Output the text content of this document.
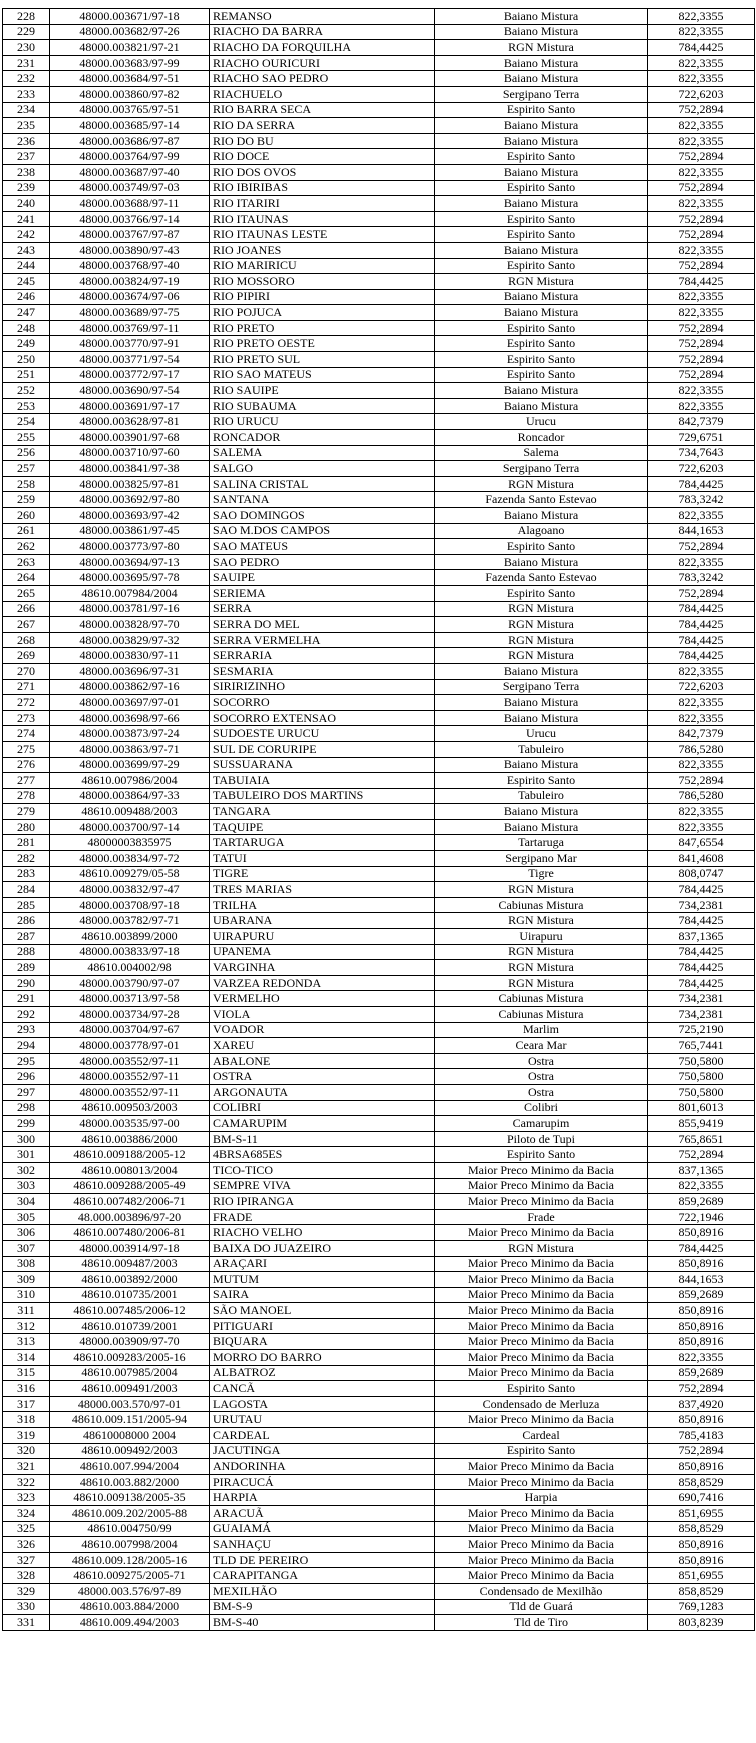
228	48000.003671/97-18	REMANSO	Baiano Mistura	822,3355
229	48000.003682/97-26	RIACHO DA BARRA	Baiano Mistura	822,3355
230	48000.003821/97-21	RIACHO DA FORQUILHA	RGN Mistura	784,4425
231	48000.003683/97-99	RIACHO OURICURI	Baiano Mistura	822,3355
232	48000.003684/97-51	RIACHO SAO PEDRO	Baiano Mistura	822,3355
233	48000.003860/97-82	RIACHUELO	Sergipano Terra	722,6203
234	48000.003765/97-51	RIO BARRA SECA	Espirito Santo	752,2894
235	48000.003685/97-14	RIO DA SERRA	Baiano Mistura	822,3355
236	48000.003686/97-87	RIO DO BU	Baiano Mistura	822,3355
237	48000.003764/97-99	RIO DOCE	Espirito Santo	752,2894
238	48000.003687/97-40	RIO DOS OVOS	Baiano Mistura	822,3355
239	48000.003749/97-03	RIO IBIRIBAS	Espirito Santo	752,2894
240	48000.003688/97-11	RIO ITARIRI	Baiano Mistura	822,3355
241	48000.003766/97-14	RIO ITAUNAS	Espirito Santo	752,2894
242	48000.003767/97-87	RIO ITAUNAS LESTE	Espirito Santo	752,2894
243	48000.003890/97-43	RIO JOANES	Baiano Mistura	822,3355
244	48000.003768/97-40	RIO MARIRICU	Espirito Santo	752,2894
245	48000.003824/97-19	RIO MOSSORO	RGN Mistura	784,4425
246	48000.003674/97-06	RIO PIPIRI	Baiano Mistura	822,3355
247	48000.003689/97-75	RIO POJUCA	Baiano Mistura	822,3355
248	48000.003769/97-11	RIO PRETO	Espirito Santo	752,2894
249	48000.003770/97-91	RIO PRETO OESTE	Espirito Santo	752,2894
250	48000.003771/97-54	RIO PRETO SUL	Espirito Santo	752,2894
251	48000.003772/97-17	RIO SAO MATEUS	Espirito Santo	752,2894
252	48000.003690/97-54	RIO SAUIPE	Baiano Mistura	822,3355
253	48000.003691/97-17	RIO SUBAUMA	Baiano Mistura	822,3355
254	48000.003628/97-81	RIO URUCU	Urucu	842,7379
255	48000.003901/97-68	RONCADOR	Roncador	729,6751
256	48000.003710/97-60	SALEMA	Salema	734,7643
257	48000.003841/97-38	SALGO	Sergipano Terra	722,6203
258	48000.003825/97-81	SALINA CRISTAL	RGN Mistura	784,4425
259	48000.003692/97-80	SANTANA	Fazenda Santo Estevao	783,3242
260	48000.003693/97-42	SAO DOMINGOS	Baiano Mistura	822,3355
261	48000.003861/97-45	SAO M.DOS CAMPOS	Alagoano	844,1653
262	48000.003773/97-80	SAO MATEUS	Espirito Santo	752,2894
263	48000.003694/97-13	SAO PEDRO	Baiano Mistura	822,3355
264	48000.003695/97-78	SAUIPE	Fazenda Santo Estevao	783,3242
265	48610.007984/2004	SERIEMA	Espirito Santo	752,2894
266	48000.003781/97-16	SERRA	RGN Mistura	784,4425
267	48000.003828/97-70	SERRA DO MEL	RGN Mistura	784,4425
268	48000.003829/97-32	SERRA VERMELHA	RGN Mistura	784,4425
269	48000.003830/97-11	SERRARIA	RGN Mistura	784,4425
270	48000.003696/97-31	SESMARIA	Baiano Mistura	822,3355
271	48000.003862/97-16	SIRIRIZINHO	Sergipano Terra	722,6203
272	48000.003697/97-01	SOCORRO	Baiano Mistura	822,3355
273	48000.003698/97-66	SOCORRO EXTENSAO	Baiano Mistura	822,3355
274	48000.003873/97-24	SUDOESTE URUCU	Urucu	842,7379
275	48000.003863/97-71	SUL DE CORURIPE	Tabuleiro	786,5280
276	48000.003699/97-29	SUSSUARANA	Baiano Mistura	822,3355
277	48610.007986/2004	TABUIAIA	Espirito Santo	752,2894
278	48000.003864/97-33	TABULEIRO DOS MARTINS	Tabuleiro	786,5280
279	48610.009488/2003	TANGARA	Baiano Mistura	822,3355
280	48000.003700/97-14	TAQUIPE	Baiano Mistura	822,3355
281	48000003835975	TARTARUGA	Tartaruga	847,6554
282	48000.003834/97-72	TATUI	Sergipano Mar	841,4608
283	48610.009279/05-58	TIGRE	Tigre	808,0747
284	48000.003832/97-47	TRES MARIAS	RGN Mistura	784,4425
285	48000.003708/97-18	TRILHA	Cabiunas Mistura	734,2381
286	48000.003782/97-71	UBARANA	RGN Mistura	784,4425
287	48610.003899/2000	UIRAPURU	Uirapuru	837,1365
288	48000.003833/97-18	UPANEMA	RGN Mistura	784,4425
289	48610.004002/98	VARGINHA	RGN Mistura	784,4425
290	48000.003790/97-07	VARZEA REDONDA	RGN Mistura	784,4425
291	48000.003713/97-58	VERMELHO	Cabiunas Mistura	734,2381
292	48000.003734/97-28	VIOLA	Cabiunas Mistura	734,2381
293	48000.003704/97-67	VOADOR	Marlim	725,2190
294	48000.003778/97-01	XAREU	Ceara Mar	765,7441
295	48000.003552/97-11	ABALONE	Ostra	750,5800
296	48000.003552/97-11	OSTRA	Ostra	750,5800
297	48000.003552/97-11	ARGONAUTA	Ostra	750,5800
298	48610.009503/2003	COLIBRI	Colibri	801,6013
299	48000.003535/97-00	CAMARUPIM	Camarupim	855,9419
300	48610.003886/2000	BM-S-11	Piloto de Tupi	765,8651
301	48610.009188/2005-12	4BRSA685ES	Espirito Santo	752,2894
302	48610.008013/2004	TICO-TICO	Maior Preco Minimo da Bacia	837,1365
303	48610.009288/2005-49	SEMPRE VIVA	Maior Preco Minimo da Bacia	822,3355
304	48610.007482/2006-71	RIO IPIRANGA	Maior Preco Minimo da Bacia	859,2689
305	48.000.003896/97-20	FRADE	Frade	722,1946
306	48610.007480/2006-81	RIACHO VELHO	Maior Preco Minimo da Bacia	850,8916
307	48000.003914/97-18	BAIXA DO JUAZEIRO	RGN Mistura	784,4425
308	48610.009487/2003	ARAÇARI	Maior Preco Minimo da Bacia	850,8916
309	48610.003892/2000	MUTUM	Maior Preco Minimo da Bacia	844,1653
310	48610.010735/2001	SAIRA	Maior Preco Minimo da Bacia	859,2689
311	48610.007485/2006-12	SÃO MANOEL	Maior Preco Minimo da Bacia	850,8916
312	48610.010739/2001	PITIGUARI	Maior Preco Minimo da Bacia	850,8916
313	48000.003909/97-70	BIQUARA	Maior Preco Minimo da Bacia	850,8916
314	48610.009283/2005-16	MORRO DO BARRO	Maior Preco Minimo da Bacia	822,3355
315	48610.007985/2004	ALBATROZ	Maior Preco Minimo da Bacia	859,2689
316	48610.009491/2003	CANCÃ	Espirito Santo	752,2894
317	48000.003.570/97-01	LAGOSTA	Condensado de Merluza	837,4920
318	48610.009.151/2005-94	URUTAU	Maior Preco Minimo da Bacia	850,8916
319	48610008000 2004	CARDEAL	Cardeal	785,4183
320	48610.009492/2003	JACUTINGA	Espirito Santo	752,2894
321	48610.007.994/2004	ANDORINHA	Maior Preco Minimo da Bacia	850,8916
322	48610.003.882/2000	PIRACUCÁ	Maior Preco Minimo da Bacia	858,8529
323	48610.009138/2005-35	HARPIA	Harpia	690,7416
324	48610.009.202/2005-88	ARACUÃ	Maior Preco Minimo da Bacia	851,6955
325	48610.004750/99	GUAIAMÁ	Maior Preco Minimo da Bacia	858,8529
326	48610.007998/2004	SANHAÇU	Maior Preco Minimo da Bacia	850,8916
327	48610.009.128/2005-16	TLD DE PEREIRO	Maior Preco Minimo da Bacia	850,8916
328	48610.009275/2005-71	CARAPITANGA	Maior Preco Minimo da Bacia	851,6955
329	48000.003.576/97-89	MEXILHÃO	Condensado de Mexilhão	858,8529
330	48610.003.884/2000	BM-S-9	Tld de Guará	769,1283
331	48610.009.494/2003	BM-S-40	Tld de Tiro	803,8239
